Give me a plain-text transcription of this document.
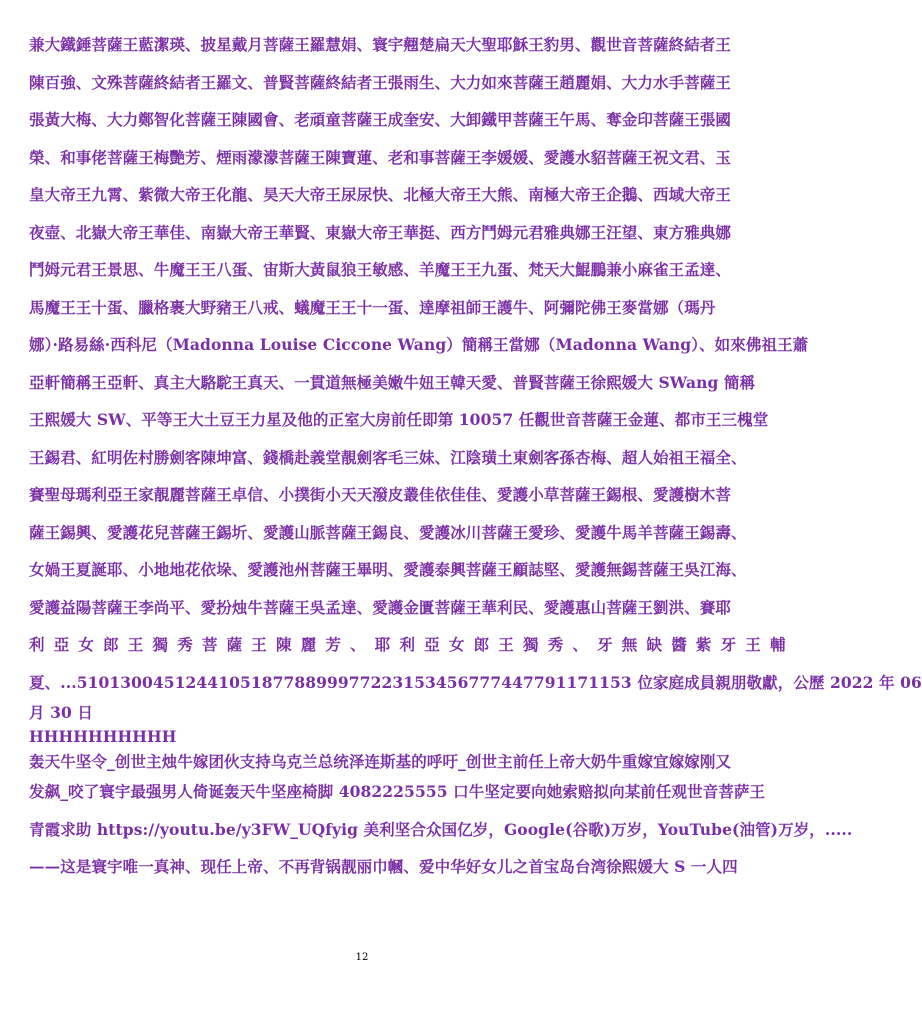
兼大鐵錘菩薩王藍潔瑛、披星戴月菩薩王羅慧娟、寰宇翹楚扁天大聖耶穌王豹男、觀世音菩薩終結者王
陳百強、文殊菩薩終結者王羅文、普賢菩薩終結者王張雨生、大力如來菩薩王趙麗娟、大力水手菩薩王
張黃大梅、大力鄭智化菩薩王陳國會、老頑童菩薩王成奎安、大卸鐵甲菩薩王午馬、奪金印菩薩王張國
榮、和事佬菩薩王梅艷芳、煙雨濛濛菩薩王陳寶蓮、老和事菩薩王李媛媛、愛護水貂菩薩王祝文君、玉
皇大帝王九霄、紫微大帝王化龍、昊天大帝王尿尿快、北極大帝王大熊、南極大帝王企鵝、西域大帝王
夜壺、北嶽大帝王華佳、南嶽大帝王華賢、東嶽大帝王華挺、西方鬥姆元君雅典娜王汪望、東方雅典娜
鬥姆元君王景思、牛魔王王八蛋、宙斯大黃鼠狼王敏感、羊魔王王九蛋、梵天大鯤鵬兼小麻雀王孟達、
馬魔王王十蛋、臘格裹大野豬王八戒、蟻魔王王十一蛋、達摩祖師王護牛、阿彌陀佛王麥當娜（瑪丹
娜）·路易絲·西科尼（Madonna Louise Ciccone Wang）簡稱王當娜（Madonna Wang）、如來佛祖王蕭
亞軒簡稱王亞軒、真主大駱駝王真天、一貫道無極美嫩牛妞王韓天愛、普賢菩薩王徐熙媛大 SWang 簡稱
王熙媛大 SW、平等王大土豆王力星及他的正室大房前任即第 10057 任觀世音菩薩王金蓮、都市王三槐堂
王錫君、紅明佐村勝劍客陳坤富、錢橋赴義堂靚劍客毛三妹、江陰璜土東劍客孫杏梅、超人始祖王福全、
賽聖母瑪利亞王家靚麗菩薩王卓信、小撲街小天天潑皮叢佳依佳佳、愛護小草菩薩王錫根、愛護樹木菩
薩王錫興、愛護花兒菩薩王錫圻、愛護山脈菩薩王錫良、愛護冰川菩薩王愛珍、愛護牛馬羊菩薩王錫壽、
女媧王夏誕耶、小地地花依垛、愛護池州菩薩王畢明、愛護泰興菩薩王顧誌堅、愛護無錫菩薩王吳江海、
愛護益陽菩薩王李尚平、愛扮烛牛菩薩王吳孟達、愛護金匱菩薩王華利民、愛護惠山菩薩王劉洪、賽耶
利亞女郎王獨秀菩薩王陳麗芳、耶利亞女郎王獨秀、牙無缺醬紫牙王輔
夏、...510130045124410518778899977223153456777447791171153 位家庭成員親朋敬獻，公歷 2022 年 06
月 30 日
HHHHHHHHHH
轰天牛坚令_创世主烛牛嫁团伙支持乌克兰总统泽连斯基的呼吁_创世主前任上帝大奶牛重嫁宜嫁嫁刚又
发飙_咬了寰宇最强男人倚诞轰天牛坚座椅脚 4082225555 口牛坚定要向她索赔拟向某前任观世音菩萨王
青霞求助 https://youtu.be/y3FW_UQfyig 美利坚合众国亿岁，Google(谷歌)万岁，YouTube(油管)万岁，.....
——这是寰宇唯一真神、现任上帝、不再背锅靓丽巾幗、爱中华好女儿之首宝岛台湾徐熙媛大 S 一人四
12
